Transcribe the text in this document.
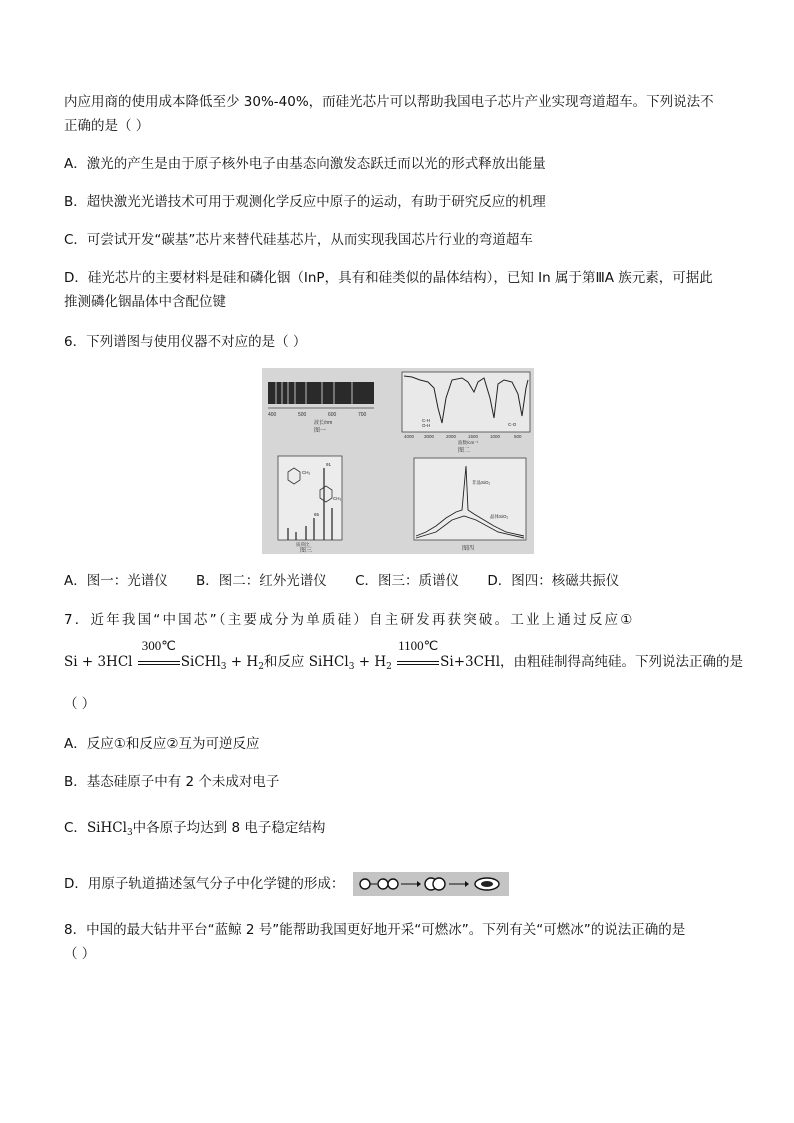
内应用商的使用成本降低至少 30%-40%，而硅光芯片可以帮助我国电子芯片产业实现弯道超车。下列说法不
正确的是（ ）
A．激光的产生是由于原子核外电子由基态向激发态跃迁而以光的形式释放出能量
B．超快激光光谱技术可用于观测化学反应中原子的运动，有助于研究反应的机理
C．可尝试开发“碳基”芯片来替代硅基芯片，从而实现我国芯片行业的弯道超车
D．硅光芯片的主要材料是硅和磷化铟（InP，具有和硅类似的晶体结构），已知 In 属于第ⅢA 族元素，可据此
推测磷化铟晶体中含配位键
6．下列谱图与使用仪器不对应的是（ ）
400	500	600	700
波长/nm
图一
C-H
O-H	C-O
4000 3000	2000	1500	1000	500
波数/cm⁻¹
图二
CH₃
CH₃
91
65
质荷比
图三
非晶SiO₂
晶体SiO₂
图四
A．图一：光谱仪 B．图二：红外光谱仪 C．图三：质谱仪 D．图四：核磁共振仪
7．近年我国“中国芯”（主要成分为单质硅）自主研发再获突破。工业上通过反应①
Si + 3HCl
300℃
SiCHl$_3$ + $H_2$和反应 SiHCl$_3$ + $H_2$
1100℃
Si+3CHl，由粗硅制得高纯硅。下列说法正确的是
（ ）
A．反应①和反应②互为可逆反应
B．基态硅原子中有 2 个未成对电子
C．SiHCl$_3$中各原子均达到 8 电子稳定结构
D．用原子轨道描述氢气分子中化学键的形成：
8．中国的最大钻井平台“蓝鲸 2 号”能帮助我国更好地开采“可燃冰”。下列有关“可燃冰”的说法正确的是
（ ）
